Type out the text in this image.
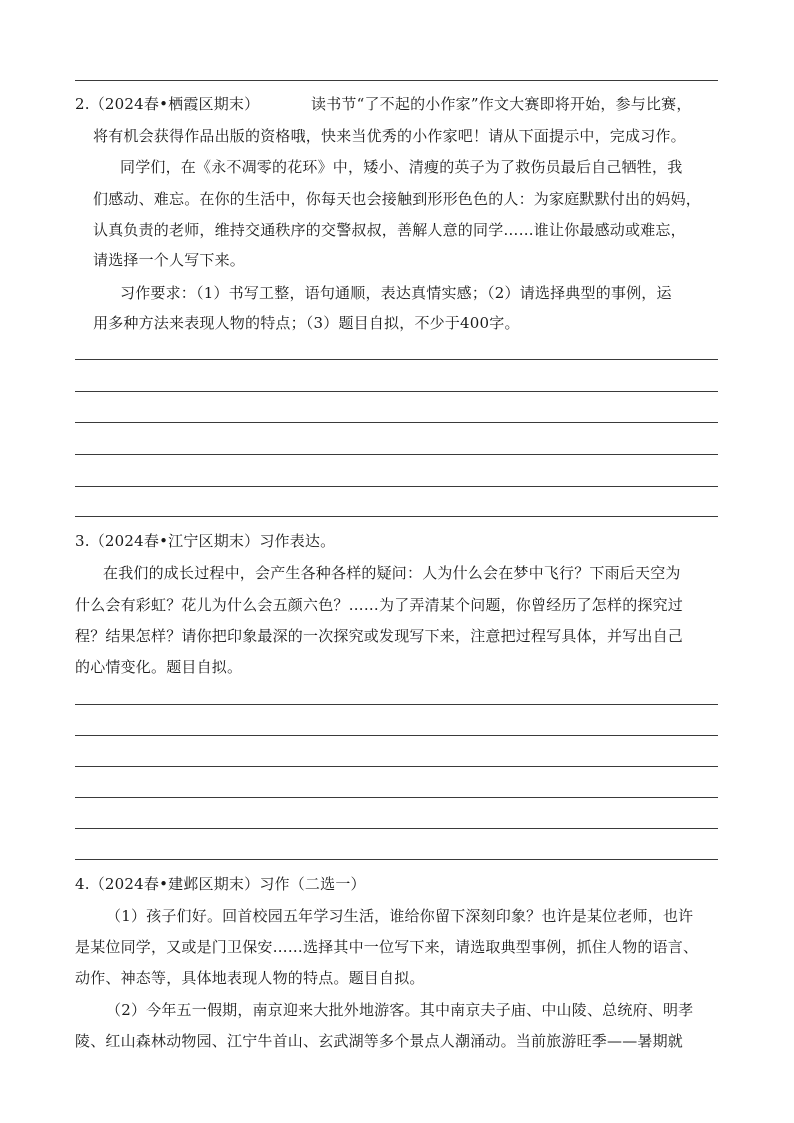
2.（2024春•栖霞区期末）	读书节“了不起的小作家”作文大赛即将开始，参与比赛，
将有机会获得作品出版的资格哦，快来当优秀的小作家吧！请从下面提示中，完成习作。
同学们，在《永不凋零的花环》中，矮小、清瘦的英子为了救伤员最后自己牺牲，我
们感动、难忘。在你的生活中，你每天也会接触到形形色色的人：为家庭默默付出的妈妈，
认真负责的老师，维持交通秩序的交警叔叔，善解人意的同学……谁让你最感动或难忘，
请选择一个人写下来。
习作要求：（1）书写工整，语句通顺，表达真情实感；（2）请选择典型的事例，运
用多种方法来表现人物的特点；（3）题目自拟，不少于400字。
3.（2024春•江宁区期末）习作表达。
在我们的成长过程中，会产生各种各样的疑问：人为什么会在梦中飞行？下雨后天空为
什么会有彩虹？花儿为什么会五颜六色？……为了弄清某个问题，你曾经历了怎样的探究过
程？结果怎样？请你把印象最深的一次探究或发现写下来，注意把过程写具体，并写出自己
的心情变化。题目自拟。
4.（2024春•建邺区期末）习作（二选一）
（1）孩子们好。回首校园五年学习生活，谁给你留下深刻印象？也许是某位老师，也许
是某位同学，又或是门卫保安……选择其中一位写下来，请选取典型事例，抓住人物的语言、
动作、神态等，具体地表现人物的特点。题目自拟。
（2）今年五一假期，南京迎来大批外地游客。其中南京夫子庙、中山陵、总统府、明孝
陵、红山森林动物园、江宁牛首山、玄武湖等多个景点人潮涌动。当前旅游旺季——暑期就
